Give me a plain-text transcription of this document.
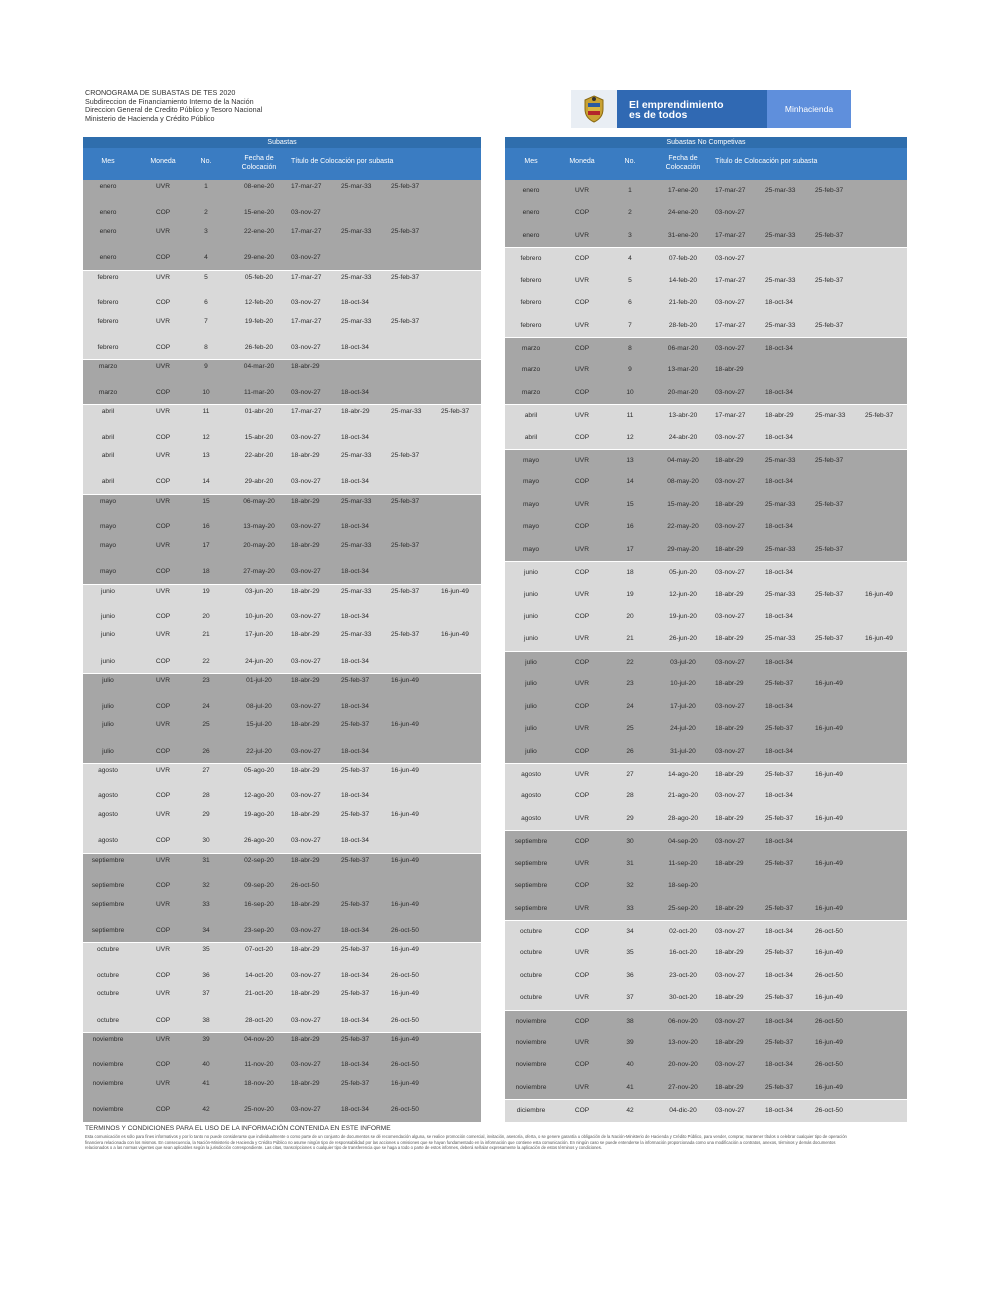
CRONOGRAMA DE SUBASTAS DE TES 2020
Subdireccion de Financiamiento Interno de la Nación
Direccion General de Credito Público y Tesoro Nacional
Ministerio de Hacienda y Crédito Público
El emprendimiento
es de todos	Minhacienda
Subastas
Mes	Moneda	No.	Fecha de
Colocación
Título de Colocación por subasta
enero	UVR	1	08-ene-20	17-mar-27	25-mar-33	25-feb-37
enero	COP	2	15-ene-20	03-nov-27
enero	UVR	3	22-ene-20	17-mar-27	25-mar-33	25-feb-37
enero	COP	4	29-ene-20	03-nov-27
febrero	UVR	5	05-feb-20	17-mar-27	25-mar-33	25-feb-37
febrero	COP	6	12-feb-20	03-nov-27	18-oct-34
febrero	UVR	7	19-feb-20	17-mar-27	25-mar-33	25-feb-37
febrero	COP	8	26-feb-20	03-nov-27	18-oct-34
marzo	UVR	9	04-mar-20	18-abr-29
marzo	COP	10	11-mar-20	03-nov-27	18-oct-34
abril	UVR	11	01-abr-20	17-mar-27	18-abr-29	25-mar-33	25-feb-37
abril	COP	12	15-abr-20	03-nov-27	18-oct-34
abril	UVR	13	22-abr-20	18-abr-29	25-mar-33	25-feb-37
abril	COP	14	29-abr-20	03-nov-27	18-oct-34
mayo	UVR	15	06-may-20	18-abr-29	25-mar-33	25-feb-37
mayo	COP	16	13-may-20	03-nov-27	18-oct-34
mayo	UVR	17	20-may-20	18-abr-29	25-mar-33	25-feb-37
mayo	COP	18	27-may-20	03-nov-27	18-oct-34
junio	UVR	19	03-jun-20	18-abr-29	25-mar-33	25-feb-37	16-jun-49
junio	COP	20	10-jun-20	03-nov-27	18-oct-34
junio	UVR	21	17-jun-20	18-abr-29	25-mar-33	25-feb-37	16-jun-49
junio	COP	22	24-jun-20	03-nov-27	18-oct-34
julio	UVR	23	01-jul-20	18-abr-29	25-feb-37	16-jun-49
julio	COP	24	08-jul-20	03-nov-27	18-oct-34
julio	UVR	25	15-jul-20	18-abr-29	25-feb-37	16-jun-49
julio	COP	26	22-jul-20	03-nov-27	18-oct-34
agosto	UVR	27	05-ago-20	18-abr-29	25-feb-37	16-jun-49
agosto	COP	28	12-ago-20	03-nov-27	18-oct-34
agosto	UVR	29	19-ago-20	18-abr-29	25-feb-37	16-jun-49
agosto	COP	30	26-ago-20	03-nov-27	18-oct-34
septiembre	UVR	31	02-sep-20	18-abr-29	25-feb-37	16-jun-49
septiembre	COP	32	09-sep-20	26-oct-50
septiembre	UVR	33	16-sep-20	18-abr-29	25-feb-37	16-jun-49
septiembre	COP	34	23-sep-20	03-nov-27	18-oct-34	26-oct-50
octubre	UVR	35	07-oct-20	18-abr-29	25-feb-37	16-jun-49
octubre	COP	36	14-oct-20	03-nov-27	18-oct-34	26-oct-50
octubre	UVR	37	21-oct-20	18-abr-29	25-feb-37	16-jun-49
octubre	COP	38	28-oct-20	03-nov-27	18-oct-34	26-oct-50
noviembre	UVR	39	04-nov-20	18-abr-29	25-feb-37	16-jun-49
noviembre	COP	40	11-nov-20	03-nov-27	18-oct-34	26-oct-50
noviembre	UVR	41	18-nov-20	18-abr-29	25-feb-37	16-jun-49
noviembre	COP	42	25-nov-20	03-nov-27	18-oct-34	26-oct-50
Subastas No Competivas
Mes	Moneda	No.	Fecha de
Colocación
Título de Colocación por subasta
enero	UVR	1	17-ene-20	17-mar-27	25-mar-33	25-feb-37
enero	COP	2	24-ene-20	03-nov-27
enero	UVR	3	31-ene-20	17-mar-27	25-mar-33	25-feb-37
febrero	COP	4	07-feb-20	03-nov-27
febrero	UVR	5	14-feb-20	17-mar-27	25-mar-33	25-feb-37
febrero	COP	6	21-feb-20	03-nov-27	18-oct-34
febrero	UVR	7	28-feb-20	17-mar-27	25-mar-33	25-feb-37
marzo	COP	8	06-mar-20	03-nov-27	18-oct-34
marzo	UVR	9	13-mar-20	18-abr-29
marzo	COP	10	20-mar-20	03-nov-27	18-oct-34
abril	UVR	11	13-abr-20	17-mar-27	18-abr-29	25-mar-33	25-feb-37
abril	COP	12	24-abr-20	03-nov-27	18-oct-34
mayo	UVR	13	04-may-20	18-abr-29	25-mar-33	25-feb-37
mayo	COP	14	08-may-20	03-nov-27	18-oct-34
mayo	UVR	15	15-may-20	18-abr-29	25-mar-33	25-feb-37
mayo	COP	16	22-may-20	03-nov-27	18-oct-34
mayo	UVR	17	29-may-20	18-abr-29	25-mar-33	25-feb-37
junio	COP	18	05-jun-20	03-nov-27	18-oct-34
junio	UVR	19	12-jun-20	18-abr-29	25-mar-33	25-feb-37	16-jun-49
junio	COP	20	19-jun-20	03-nov-27	18-oct-34
junio	UVR	21	26-jun-20	18-abr-29	25-mar-33	25-feb-37	16-jun-49
julio	COP	22	03-jul-20	03-nov-27	18-oct-34
julio	UVR	23	10-jul-20	18-abr-29	25-feb-37	16-jun-49
julio	COP	24	17-jul-20	03-nov-27	18-oct-34
julio	UVR	25	24-jul-20	18-abr-29	25-feb-37	16-jun-49
julio	COP	26	31-jul-20	03-nov-27	18-oct-34
agosto	UVR	27	14-ago-20	18-abr-29	25-feb-37	16-jun-49
agosto	COP	28	21-ago-20	03-nov-27	18-oct-34
agosto	UVR	29	28-ago-20	18-abr-29	25-feb-37	16-jun-49
septiembre	COP	30	04-sep-20	03-nov-27	18-oct-34
septiembre	UVR	31	11-sep-20	18-abr-29	25-feb-37	16-jun-49
septiembre	COP	32	18-sep-20
septiembre	UVR	33	25-sep-20	18-abr-29	25-feb-37	16-jun-49
octubre	COP	34	02-oct-20	03-nov-27	18-oct-34	26-oct-50
octubre	UVR	35	16-oct-20	18-abr-29	25-feb-37	16-jun-49
octubre	COP	36	23-oct-20	03-nov-27	18-oct-34	26-oct-50
octubre	UVR	37	30-oct-20	18-abr-29	25-feb-37	16-jun-49
noviembre	COP	38	06-nov-20	03-nov-27	18-oct-34	26-oct-50
noviembre	UVR	39	13-nov-20	18-abr-29	25-feb-37	16-jun-49
noviembre	COP	40	20-nov-20	03-nov-27	18-oct-34	26-oct-50
noviembre	UVR	41	27-nov-20	18-abr-29	25-feb-37	16-jun-49
diciembre	COP	42	04-dic-20	03-nov-27	18-oct-34	26-oct-50
TERMINOS Y CONDICIONES PARA EL USO DE LA INFORMACIÓN CONTENIDA EN ESTE INFORME
Esta comunicación es sólo para fines informativos y por lo tanto no puede considerarse que individualmente o como parte de un conjunto de documentos se dé recomendación alguna, se realice promoción comercial, invitación, asesoría, oferta, o se genere garantía u obligación de la Nación-Ministerio de Hacienda y Crédito Público, para vender, comprar, mantener títulos o celebrar cualquier tipo de operación financiera relacionada con los mismos. En consecuencia, la Nación-Ministerio de Hacienda y Crédito Público no asume ningún tipo de responsabilidad por las acciones u omisiones que se hayan fundamentado en la información que contiene esta comunicación. En ningún caso se puede entenderse la información proporcionada como una modificación a contratos, anexos, términos y demás documentos relacionados o a las normas vigentes que sean aplicables según la jurisdicción correspondiente. Las citas, transcripciones o cualquier tipo de transferencia que se haga a todo o parte de estos informes, deberá señalar expresamente la aplicación de estos términos y condiciones.
